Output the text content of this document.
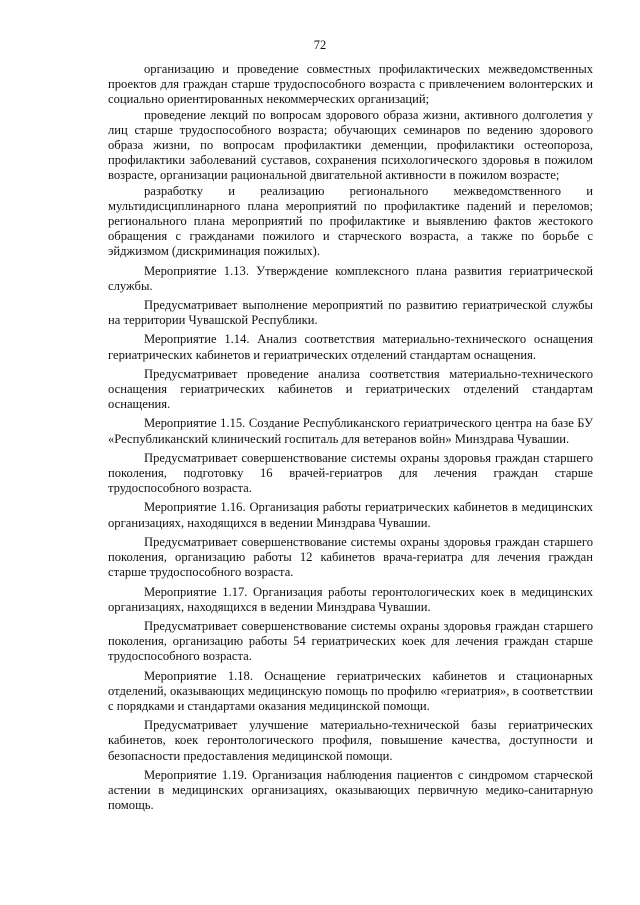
72

организацию и проведение совместных профилактических межведомственных проектов для граждан старше трудоспособного возраста с привлечением волонтерских и социально ориентированных некоммерческих организаций;

проведение лекций по вопросам здорового образа жизни, активного долголетия у лиц старше трудоспособного возраста; обучающих семинаров по ведению здорового образа жизни, по вопросам профилактики деменции, профилактики остеопороза, профилактики заболеваний суставов, сохранения психологического здоровья в пожилом возрасте, организации рациональной двигательной активности в пожилом возрасте;

разработку и реализацию регионального межведомственного и мультидисциплинарного плана мероприятий по профилактике падений и переломов; регионального плана мероприятий по профилактике и выявлению фактов жестокого обращения с гражданами пожилого и старческого возраста, а также по борьбе с эйджизмом (дискриминация пожилых).

Мероприятие 1.13. Утверждение комплексного плана развития гериатрической службы.

Предусматривает выполнение мероприятий по развитию гериатрической службы на территории Чувашской Республики.

Мероприятие 1.14. Анализ соответствия материально-технического оснащения гериатрических кабинетов и гериатрических отделений стандартам оснащения.

Предусматривает проведение анализа соответствия материально-технического оснащения гериатрических кабинетов и гериатрических отделений стандартам оснащения.

Мероприятие 1.15. Создание Республиканского гериатрического центра на базе БУ «Республиканский клинический госпиталь для ветеранов войн» Минздрава Чувашии.

Предусматривает совершенствование системы охраны здоровья граждан старшего поколения, подготовку 16 врачей-гериатров для лечения граждан старше трудоспособного возраста.

Мероприятие 1.16. Организация работы гериатрических кабинетов в медицинских организациях, находящихся в ведении Минздрава Чувашии.

Предусматривает совершенствование системы охраны здоровья граждан старшего поколения, организацию работы 12 кабинетов врача-гериатра для лечения граждан старше трудоспособного возраста.

Мероприятие 1.17. Организация работы геронтологических коек в медицинских организациях, находящихся в ведении Минздрава Чувашии.

Предусматривает совершенствование системы охраны здоровья граждан старшего поколения, организацию работы 54 гериатрических коек для лечения граждан старше трудоспособного возраста.

Мероприятие 1.18. Оснащение гериатрических кабинетов и стационарных отделений, оказывающих медицинскую помощь по профилю «гериатрия», в соответствии с порядками и стандартами оказания медицинской помощи.

Предусматривает улучшение материально-технической базы гериатрических кабинетов, коек геронтологического профиля, повышение качества, доступности и безопасности предоставления медицинской помощи.

Мероприятие 1.19. Организация наблюдения пациентов с синдромом старческой астении в медицинских организациях, оказывающих первичную медико-санитарную помощь.
